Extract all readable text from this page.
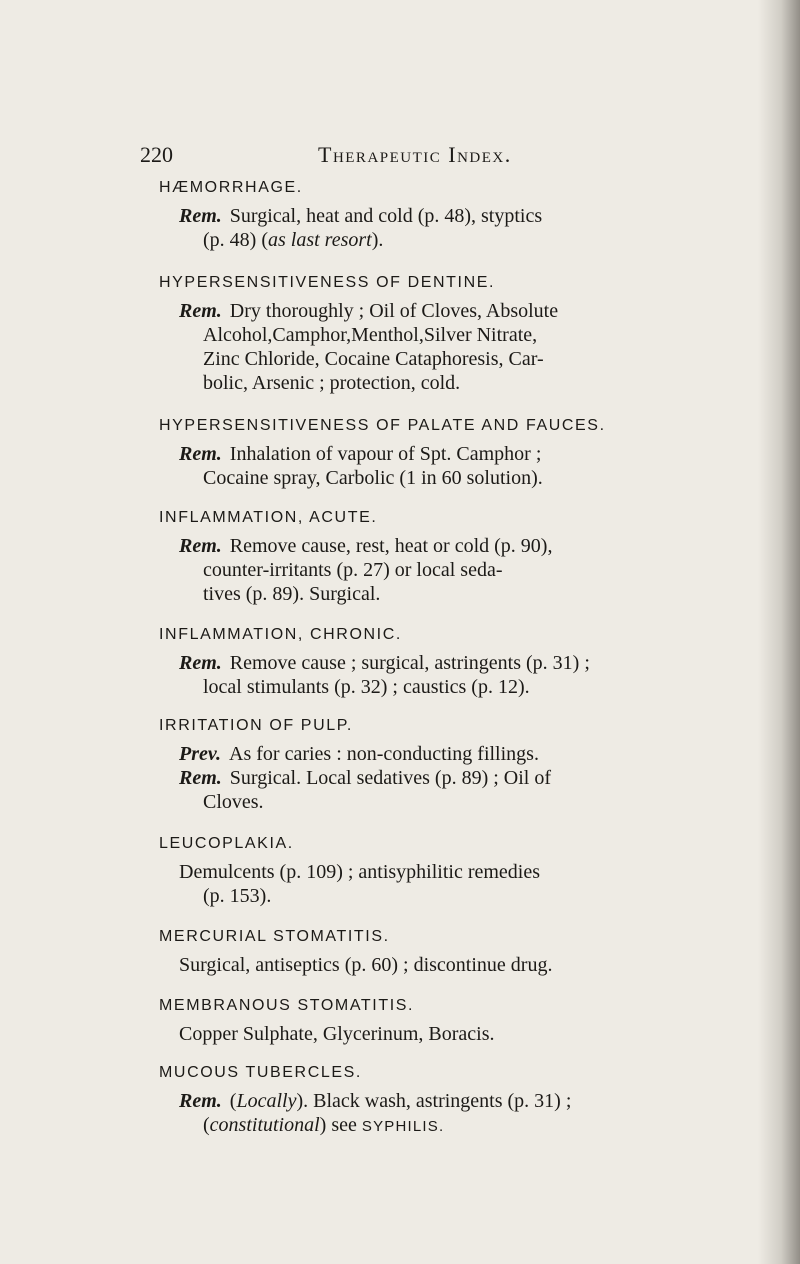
220	Therapeutic Index.
HÆMORRHAGE.
Rem. Surgical, heat and cold (p. 48), styptics
(p. 48) (as last resort).
HYPERSENSITIVENESS OF DENTINE.
Rem. Dry thoroughly ; Oil of Cloves, Absolute
Alcohol,Camphor,Menthol,Silver Nitrate,
Zinc Chloride, Cocaine Cataphoresis, Car-
bolic, Arsenic ; protection, cold.
HYPERSENSITIVENESS OF PALATE AND FAUCES.
Rem. Inhalation of vapour of Spt. Camphor ;
Cocaine spray, Carbolic (1 in 60 solution).
INFLAMMATION, ACUTE.
Rem. Remove cause, rest, heat or cold (p. 90),
counter-irritants (p. 27) or local seda-
tives (p. 89). Surgical.
INFLAMMATION, CHRONIC.
Rem. Remove cause ; surgical, astringents (p. 31) ;
local stimulants (p. 32) ; caustics (p. 12).
IRRITATION OF PULP.
Prev. As for caries : non-conducting fillings.
Rem. Surgical. Local sedatives (p. 89) ; Oil of
Cloves.
LEUCOPLAKIA.
Demulcents (p. 109) ; antisyphilitic remedies
(p. 153).
MERCURIAL STOMATITIS.
Surgical, antiseptics (p. 60) ; discontinue drug.
MEMBRANOUS STOMATITIS.
Copper Sulphate, Glycerinum, Boracis.
MUCOUS TUBERCLES.
Rem. (Locally). Black wash, astringents (p. 31) ;
(constitutional) see SYPHILIS.
